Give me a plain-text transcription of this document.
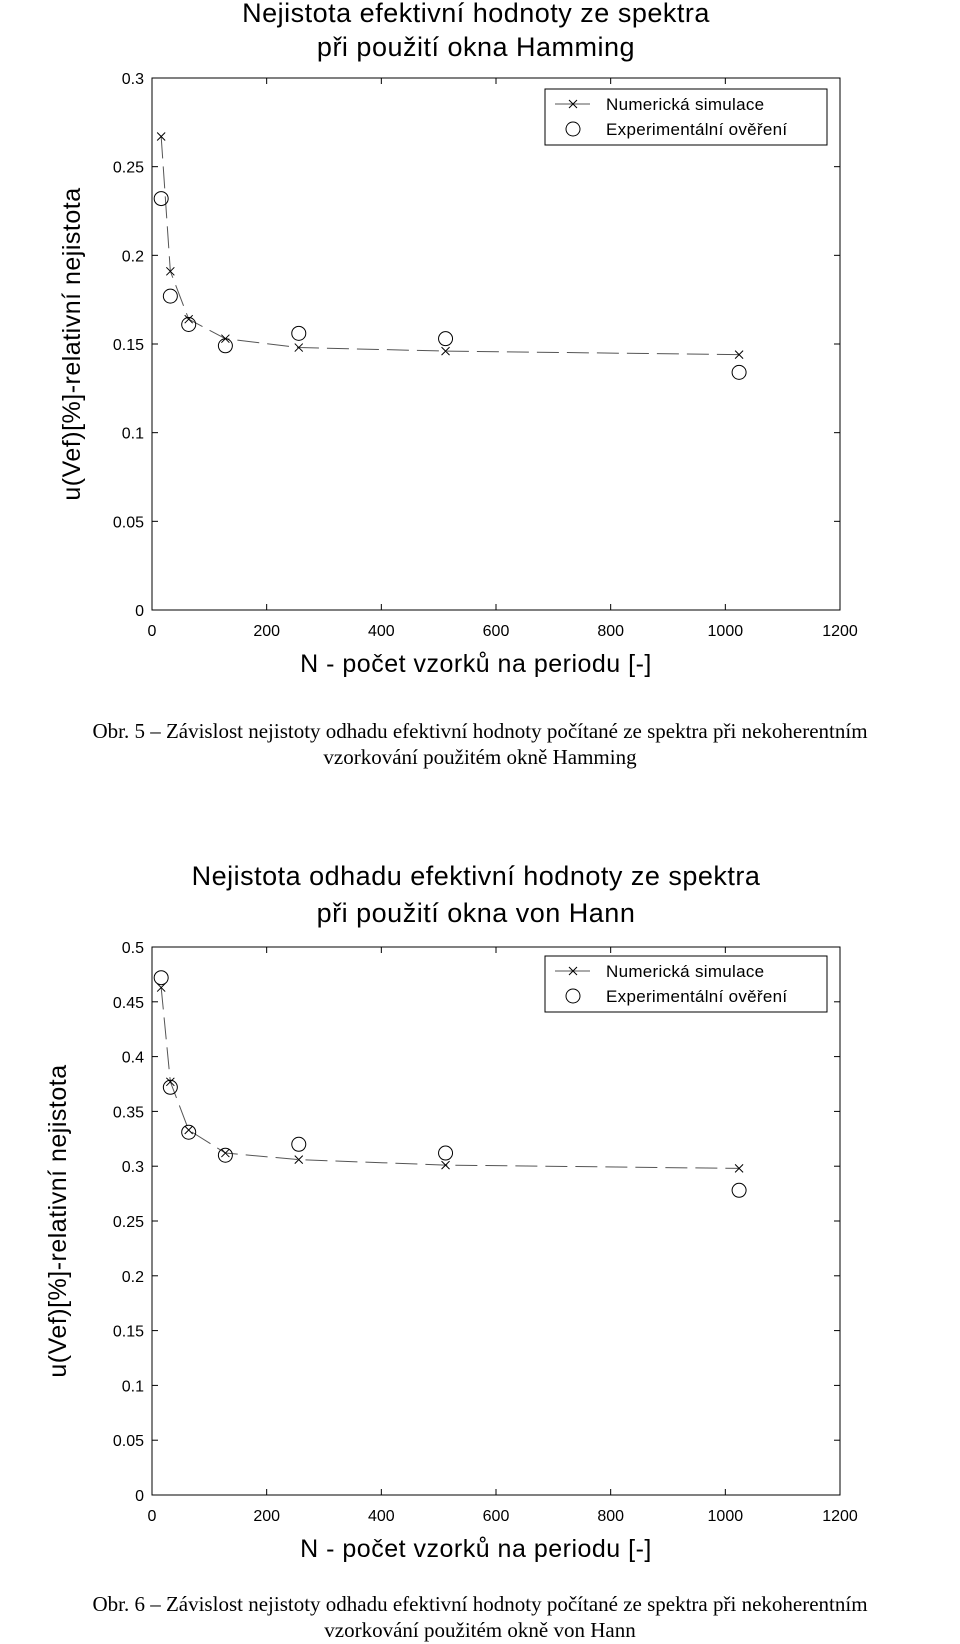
Nejistota efektivní hodnoty ze spektra
při použití okna Hamming
0	200	400	600	800	1000	1200
0
0.05
0.1
0.15
0.2
0.25
0.3
N - počet vzorků na periodu [-]
u(Vef)[%]-relativní nejistota
Numerická simulace
Experimentální ověření
Obr. 5 – Závislost nejistoty odhadu efektivní hodnoty počítané ze spektra při nekoherentním
vzorkování použitém okně Hamming
Nejistota odhadu efektivní hodnoty ze spektra
při použití okna von Hann
0	200	400	600	800	1000	1200
0
0.05
0.1
0.15
0.2
0.25
0.3
0.35
0.4
0.45
0.5
N - počet vzorků na periodu [-]
u(Vef)[%]-relativní nejistota
Numerická simulace
Experimentální ověření
Obr. 6 – Závislost nejistoty odhadu efektivní hodnoty počítané ze spektra při nekoherentním
vzorkování použitém okně von Hann
